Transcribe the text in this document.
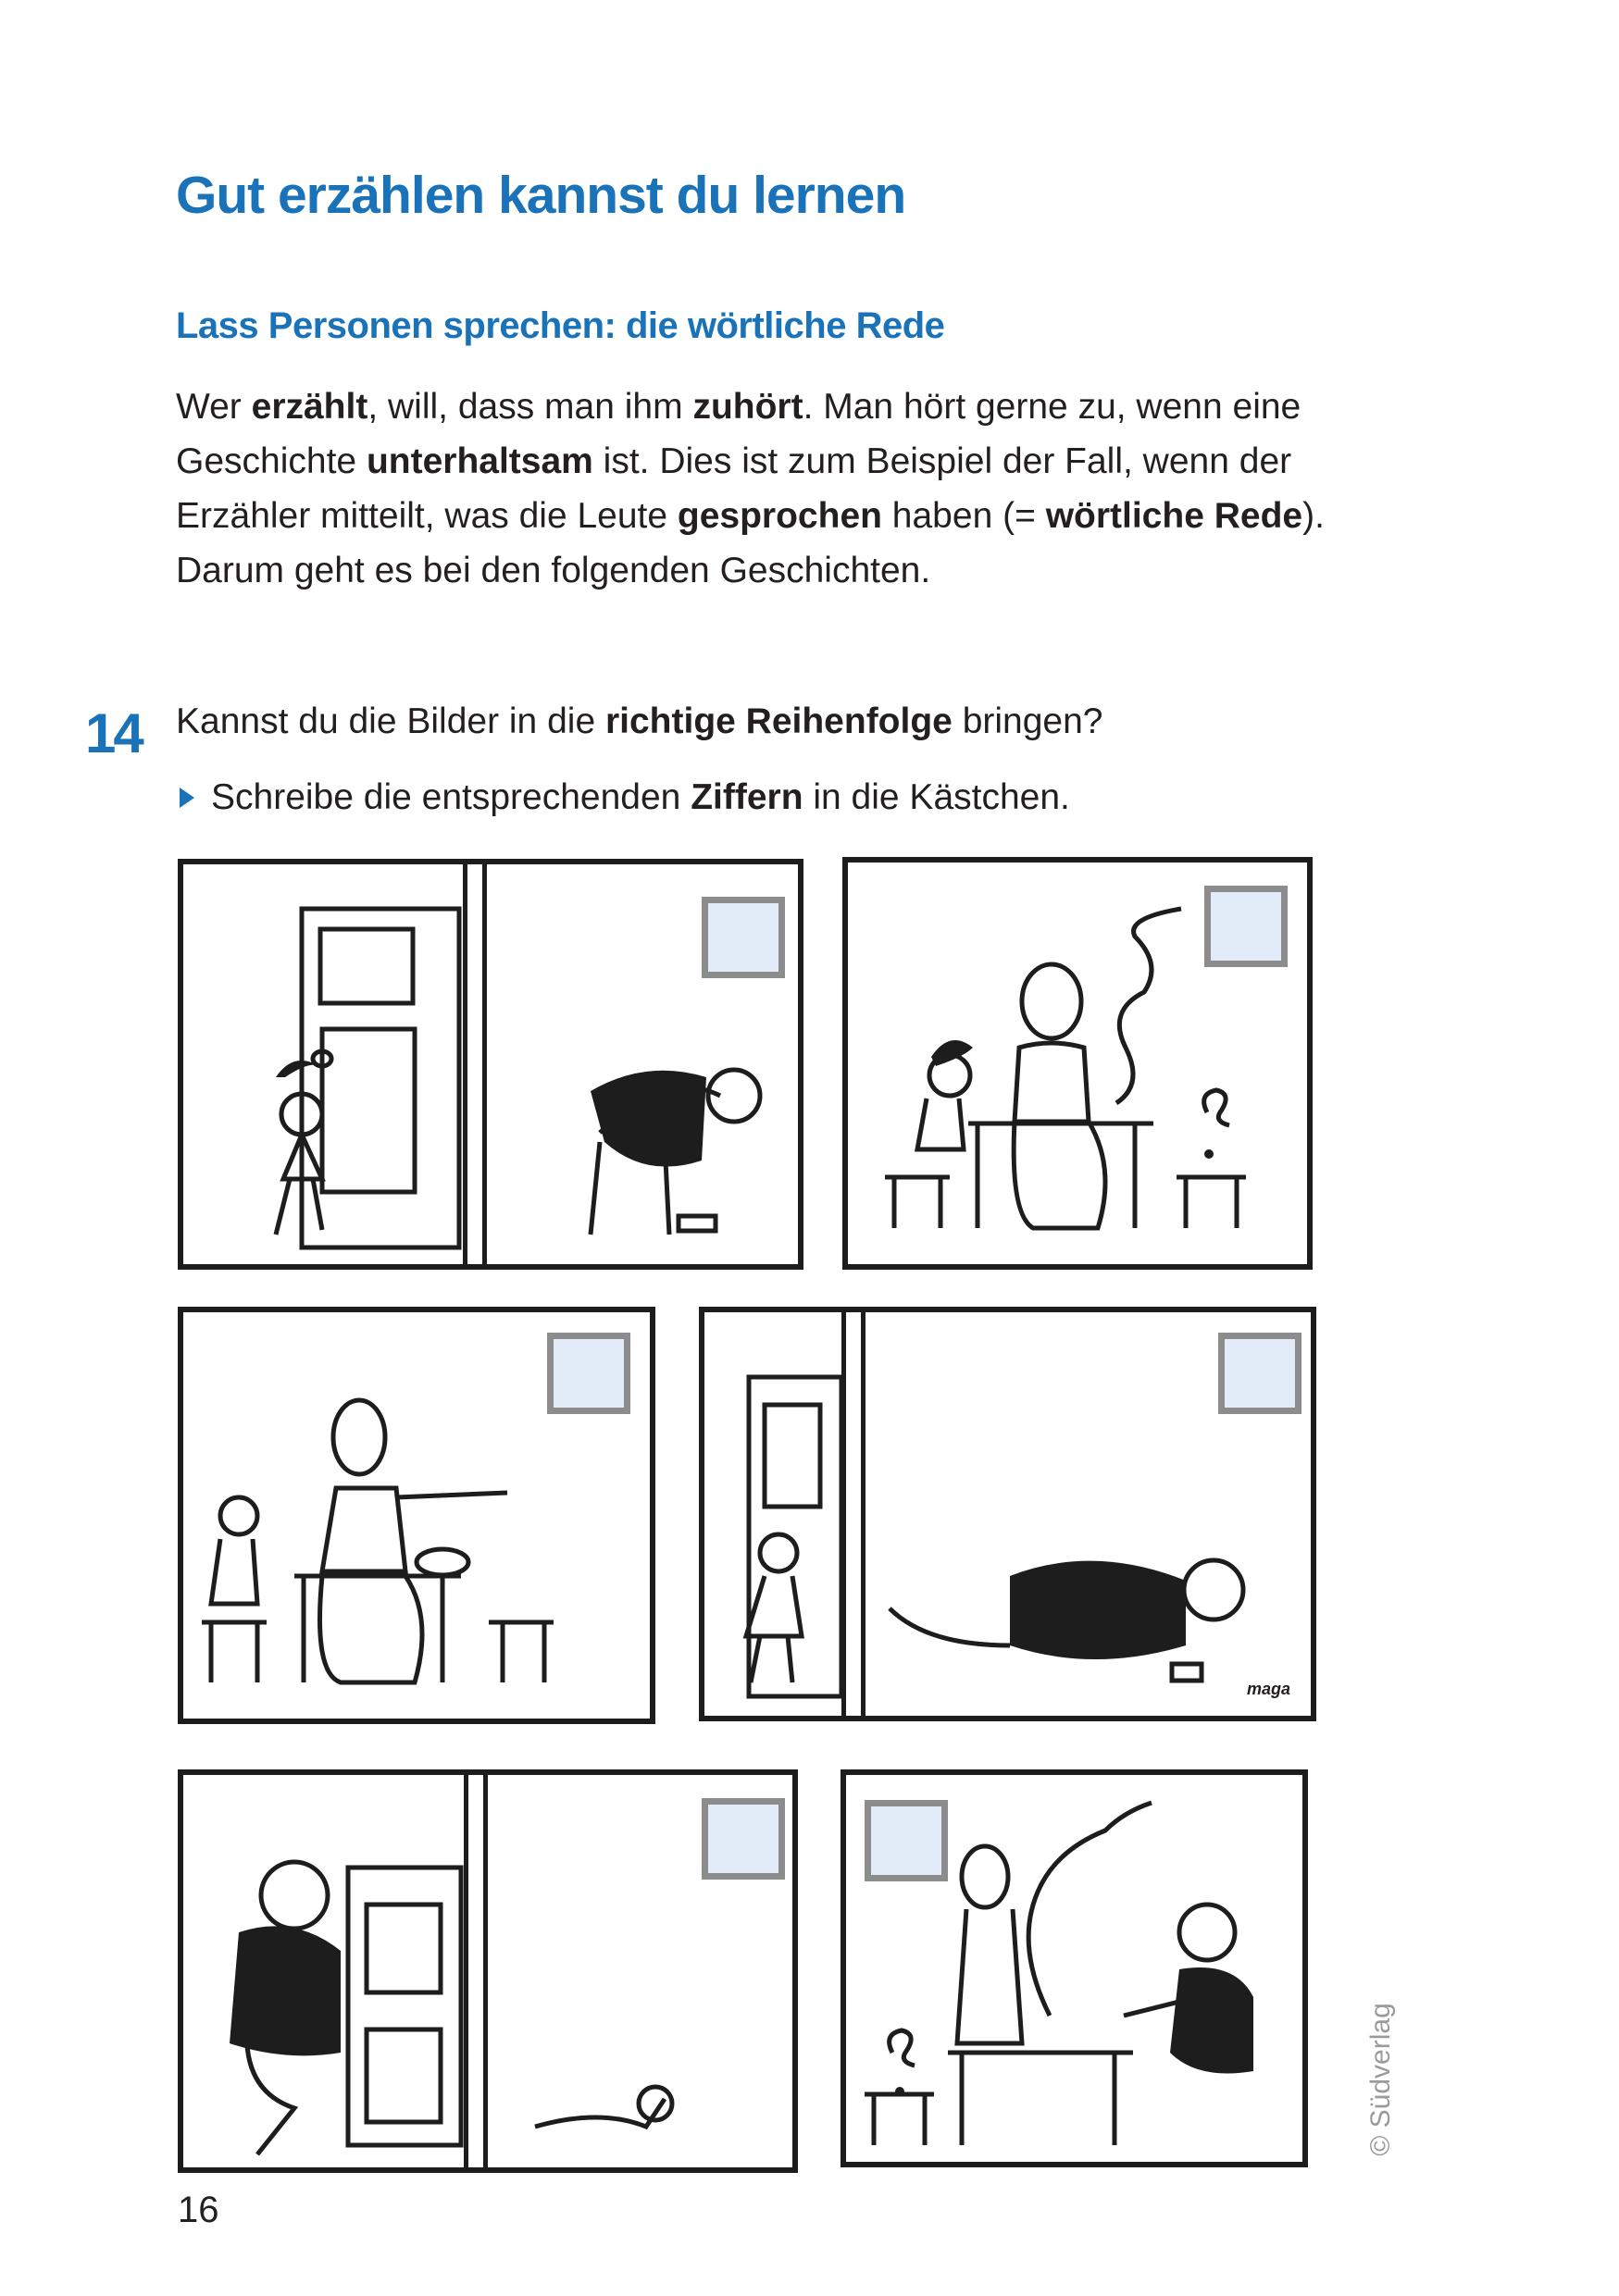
Gut erzählen kannst du lernen
Lass Personen sprechen: die wörtliche Rede

Wer erzählt, will, dass man ihm zuhört. Man hört gerne zu, wenn eine

Geschichte unterhaltsam ist. Dies ist zum Beispiel der Fall, wenn der

Erzähler mitteilt, was die Leute gesprochen haben (= wörtliche Rede).

Darum geht es bei den folgenden Geschichten.

14 Kannst du die Bilder in die richtige Reihenfolge bringen?
Schreibe die entsprechenden Ziffern in die Kästchen.
maga
© Südverlag
16
